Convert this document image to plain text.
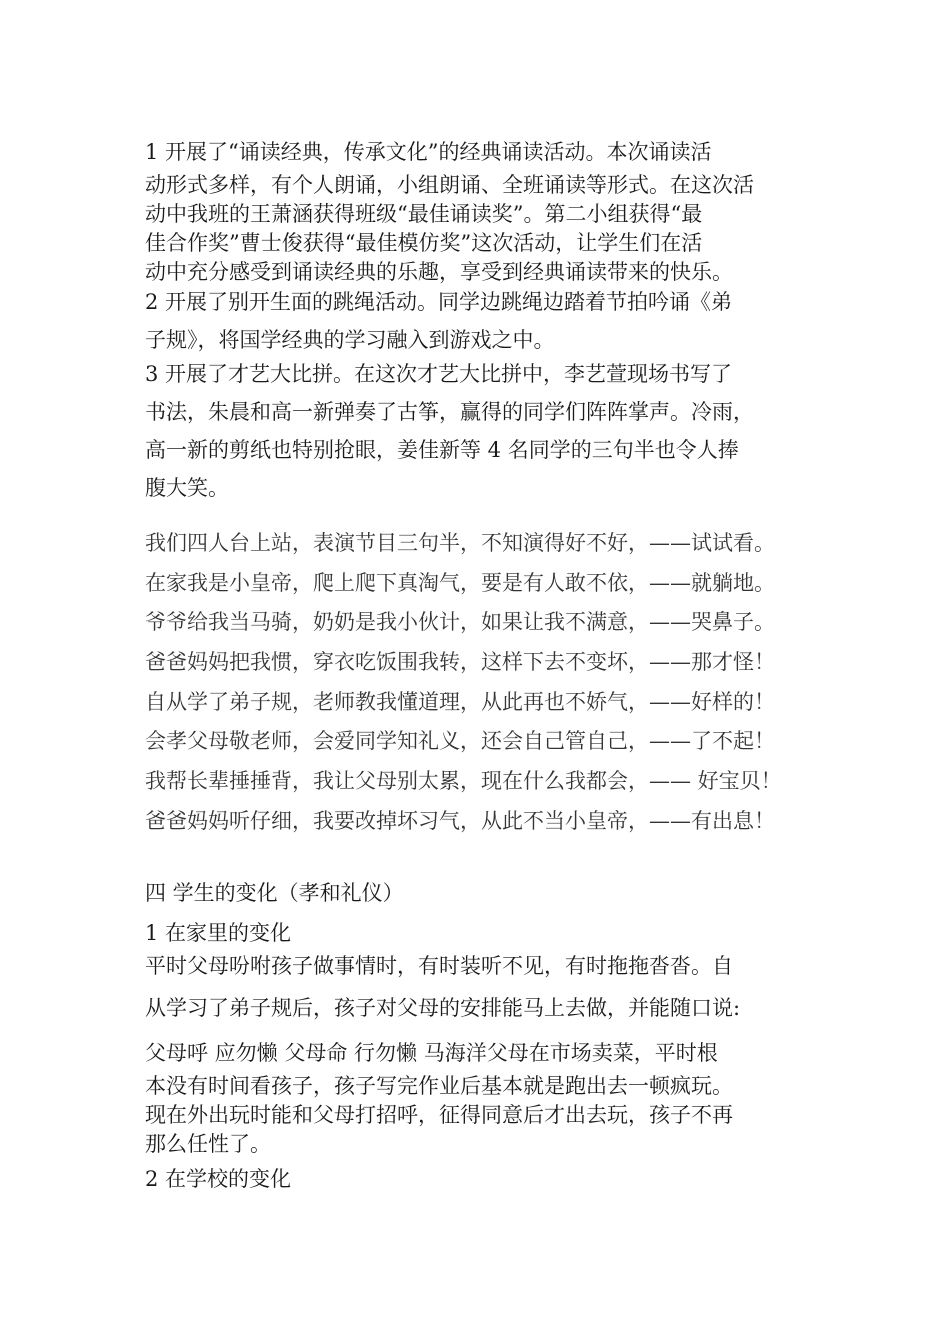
1 开展了“诵读经典，传承文化”的经典诵读活动。本次诵读活
动形式多样，有个人朗诵，小组朗诵、全班诵读等形式。在这次活
动中我班的王萧涵获得班级“最佳诵读奖”。第二小组获得“最
佳合作奖”曹士俊获得“最佳模仿奖”这次活动，让学生们在活
动中充分感受到诵读经典的乐趣，享受到经典诵读带来的快乐。
2 开展了别开生面的跳绳活动。同学边跳绳边踏着节拍吟诵《弟
子规》，将国学经典的学习融入到游戏之中。
3 开展了才艺大比拼。在这次才艺大比拼中，李艺萱现场书写了
书法，朱晨和高一新弹奏了古筝，赢得的同学们阵阵掌声。冷雨，
高一新的剪纸也特别抢眼，姜佳新等 4 名同学的三句半也令人捧
腹大笑。
我们四人台上站，表演节目三句半，不知演得好不好，——试试看。
在家我是小皇帝，爬上爬下真淘气，要是有人敢不依，——就躺地。
爷爷给我当马骑，奶奶是我小伙计，如果让我不满意，——哭鼻子。
爸爸妈妈把我惯，穿衣吃饭围我转，这样下去不变坏，——那才怪！
自从学了弟子规，老师教我懂道理，从此再也不娇气，——好样的！
会孝父母敬老师，会爱同学知礼义，还会自己管自己，——了不起！
我帮长辈捶捶背，我让父母别太累，现在什么我都会，—— 好宝贝！
爸爸妈妈听仔细，我要改掉坏习气，从此不当小皇帝，——有出息！
四 学生的变化（孝和礼仪）
1 在家里的变化
平时父母吩咐孩子做事情时，有时装听不见，有时拖拖沓沓。自
从学习了弟子规后，孩子对父母的安排能马上去做，并能随口说:
父母呼 应勿懒 父母命 行勿懒 马海洋父母在市场卖菜，平时根
本没有时间看孩子，孩子写完作业后基本就是跑出去一顿疯玩。
现在外出玩时能和父母打招呼，征得同意后才出去玩，孩子不再
那么任性了。
2 在学校的变化
